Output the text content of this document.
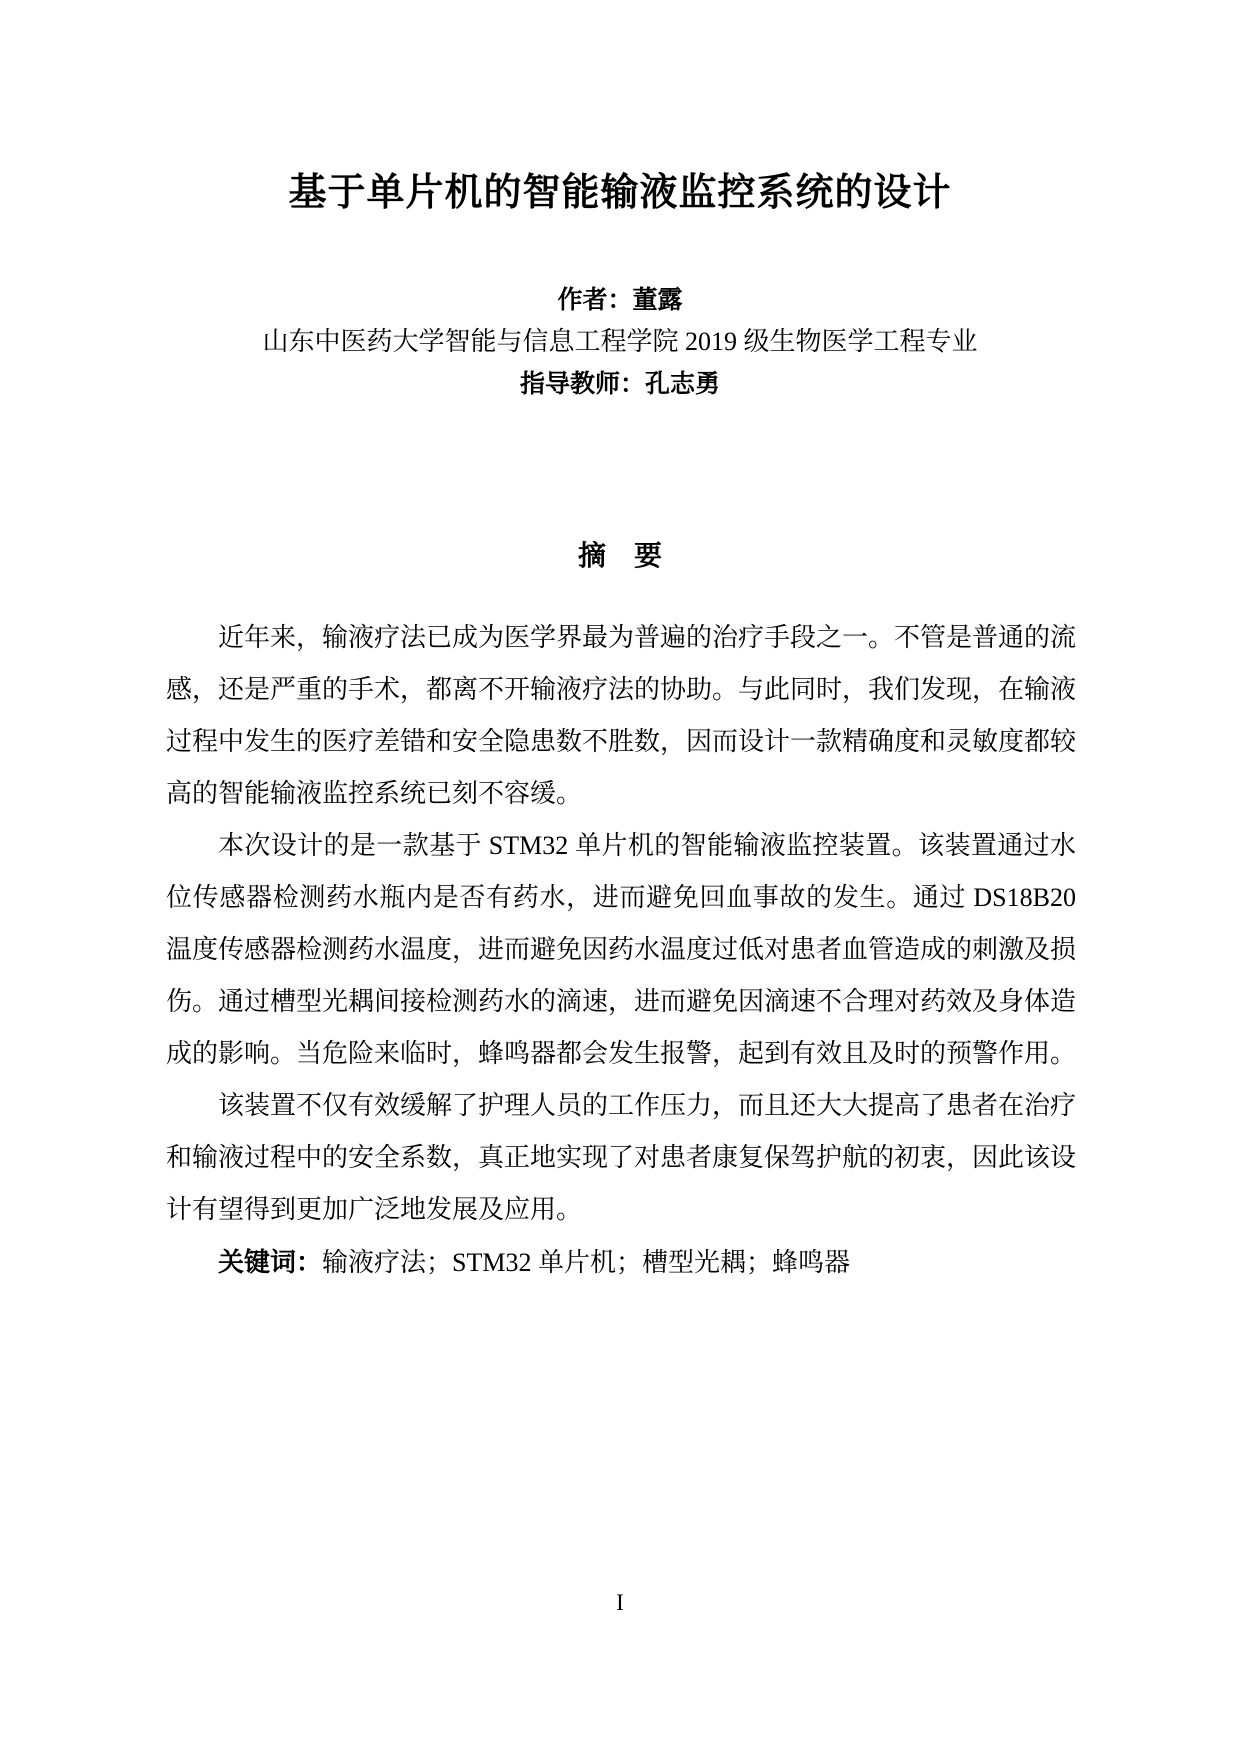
基于单片机的智能输液监控系统的设计
作者：董露
山东中医药大学智能与信息工程学院 2019 级生物医学工程专业
指导教师：孔志勇
摘　要

近年来，输液疗法已成为医学界最为普遍的治疗手段之一。不管是普通的流感，还是严重的手术，都离不开输液疗法的协助。与此同时，我们发现，在输液过程中发生的医疗差错和安全隐患数不胜数，因而设计一款精确度和灵敏度都较高的智能输液监控系统已刻不容缓。

本次设计的是一款基于 STM32 单片机的智能输液监控装置。该装置通过水位传感器检测药水瓶内是否有药水，进而避免回血事故的发生。通过 DS18B20 温度传感器检测药水温度，进而避免因药水温度过低对患者血管造成的刺激及损伤。通过槽型光耦间接检测药水的滴速，进而避免因滴速不合理对药效及身体造成的影响。当危险来临时，蜂鸣器都会发生报警，起到有效且及时的预警作用。

该装置不仅有效缓解了护理人员的工作压力，而且还大大提高了患者在治疗和输液过程中的安全系数，真正地实现了对患者康复保驾护航的初衷，因此该设计有望得到更加广泛地发展及应用。

关键词：输液疗法；STM32 单片机；槽型光耦；蜂鸣器

I
